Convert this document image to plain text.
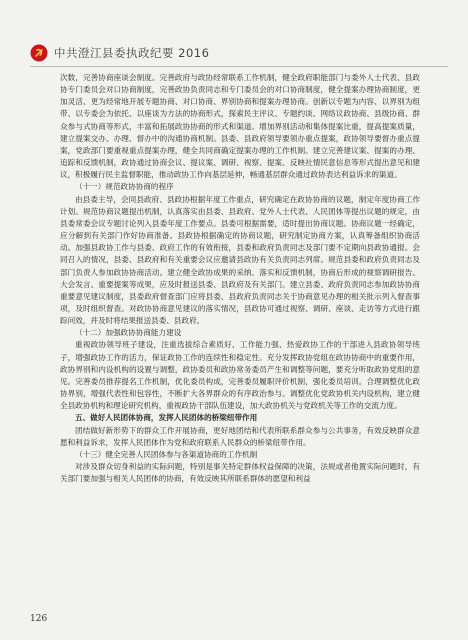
中共澄江县委执政纪要 2016

次数，完善协商座谈会制度。完善政府与政协经常联系工作机制，健全政府职能部门与委外人士代表、县政协专门委员会对口协商制度，完善政协负责同志和专门委员会的对口协商制度，健全提案办理协商制度，更加灵活、更为经常地开展专题协商、对口协商、界别协商和提案办理协商。创新以专题为内容、以界别为组带、以专委会为依托、以座谈为方法的协商形式，探索民主评议、专题约谈、网络议政协商、县级协商、群众参与式协商等形式，丰富和拓展政协协商的形式和渠道。增加界别活动和集体提案比重，提高提案质量，建立提案交办、办理、督办中的沟通协商机制。县委、县政府领导要领办重点提案，政协领导要督办重点提案，党政部门要重视重点提案办理，健全共同商确定提案办理的工作机制。建立完善建议案、提案的办理、追踪和反馈机制，政协通过协商会议、提议案、调研、视察、提案、反映社情民意信息等形式提出意见和建议，积极履行民主监督职能，推动政协工作向基层延伸，畅通基层群众通过政协表达利益诉求的渠道。

（十一）规范政协协商的程序

由县委主导，会同县政府、县政协根据年度工作重点，研究确定在政协协商的议题，制定年度协商工作计划。规范协商议题提出机制，认真落实由县委、县政府、党外人士代表、人民团体等提出议题的规定，由县委常委会议专题讨论列入县委年度工作要点。县委可根据需要，适时提出协商议题。协商议题一经确定，应分解到有关部门作好协商准备。县政协根据确定的协商议题，研究制定协商方案，认真筹备组织协商活动。加强县政协工作与县委、政府工作的有效衔接，县委和政府负责同志及部门要不定期向县政协通报。会同召入的情况，县委、县政府和有关重要会议应邀请县政协有关负责同志列席。规范县委和政府负责同志及部门负责人参加政协协商活动。建立健全政协成果的采纳、落实和反馈机制，协商后形成的视察调研报告、大会发言、重要提案等成果，应及时报送县委、县政府及有关部门。建立县委、政府负责同志参加政协协商重要意见建议制度，县委政府督查部门应将县委、县政府负责同志关于协商意见办理的相关批示列入督查事项，及时组织督查。对政协协商意见建议的落实情况，县政协可通过视察、调研、座谈、走访等方式进行跟踪问效，并及时将结果报送县委、县政府。

（十二）加强政协协商能力建设

重视政协领导班子建设，注重选拔综合素质好、工作能力强、热爱政协工作的干部进入县政协领导班子，增强政协工作的活力，保证政协工作的连续性和稳定性。充分发挥政协党组在政协协商中的重要作用，政协界别和内设机构的设置与调整，政协委员和政协常务委员产生和调整等问题，要充分听取政协党组的意见。完善委员推荐提名工作机制，优化委员构成，完善委员履职评价机制，强化委员培训。合理调整优化政协界别，增强代表性和包容性，不断扩大各界群众的有序政治参与。调整优化党政协机关内设机构，建立健全县政协机构和理论研究机构，重视政协干部队伍建设，加大政协机关与党政机关等工作的交流力度。

五、做好人民团体协商，发挥人民团体的桥梁纽带作用

团结做好新形势下的群众工作开展协商，更好地团结和代表所联系群众参与公共事务，有效反映群众意愿和利益诉求，发挥人民团体作为党和政府联系人民群众的桥梁纽带作用。

（十三）健全完善人民团体参与各渠道协商的工作机制

对涉及群众切身利益的实际问题，特别是事关特定群体权益保障的决策，法规或者他置实际问题时，有关部门要加强与相关人民团体的协商，有效反映其所联系群体的愿望和利益

126
